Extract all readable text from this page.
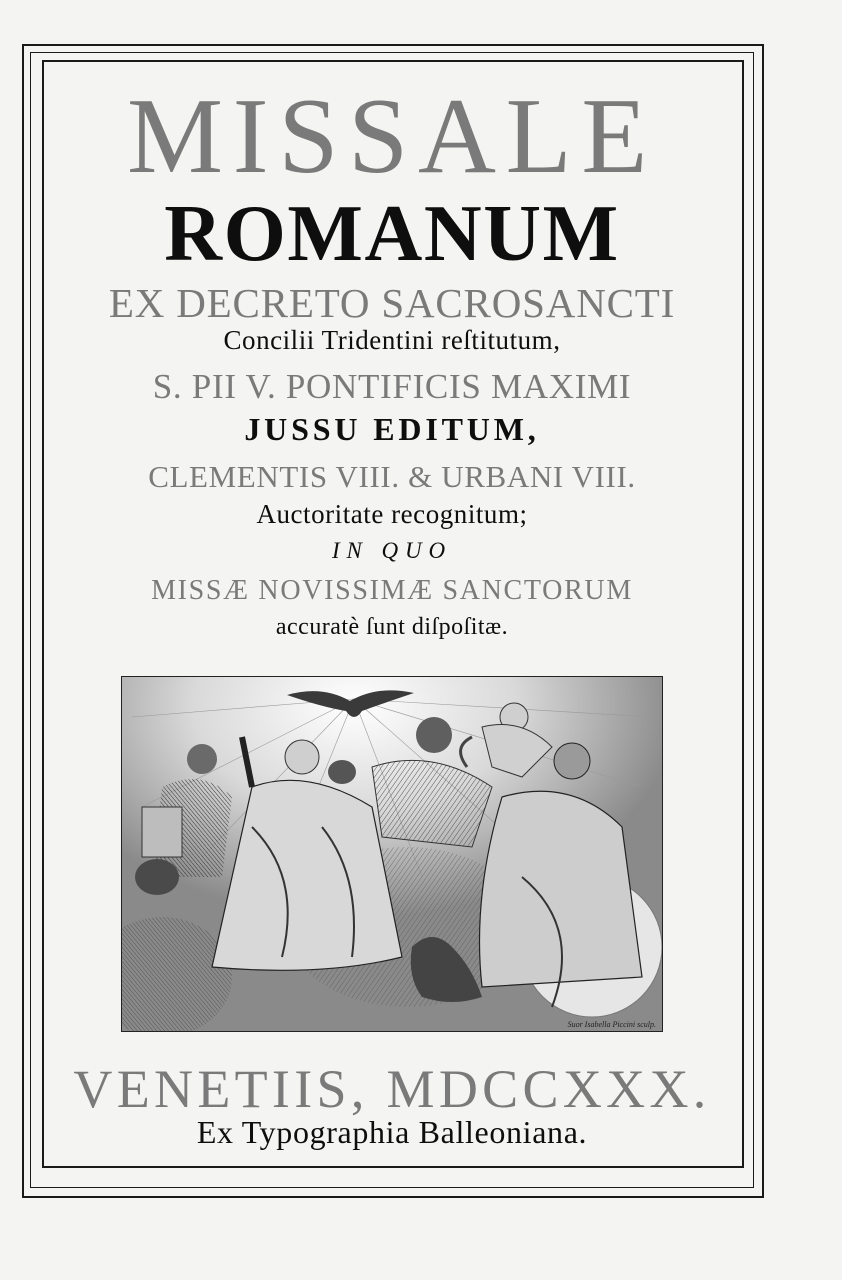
MISSALE
ROMANUM
EX DECRETO SACROSANCTI
Concilii Tridentini reſtitutum,
S. PII V. PONTIFICIS MAXIMI
JUSSU EDITUM,
CLEMENTIS VIII. & URBANI VIII.
Auctoritate recognitum;
IN QUO
MISSÆ NOVISSIMÆ SANCTORUM
accuratè ſunt diſpoſitæ.
Suor Isabella Piccini sculp.
VENETIIS, MDCCXXX.
Ex Typographia Balleoniana.
